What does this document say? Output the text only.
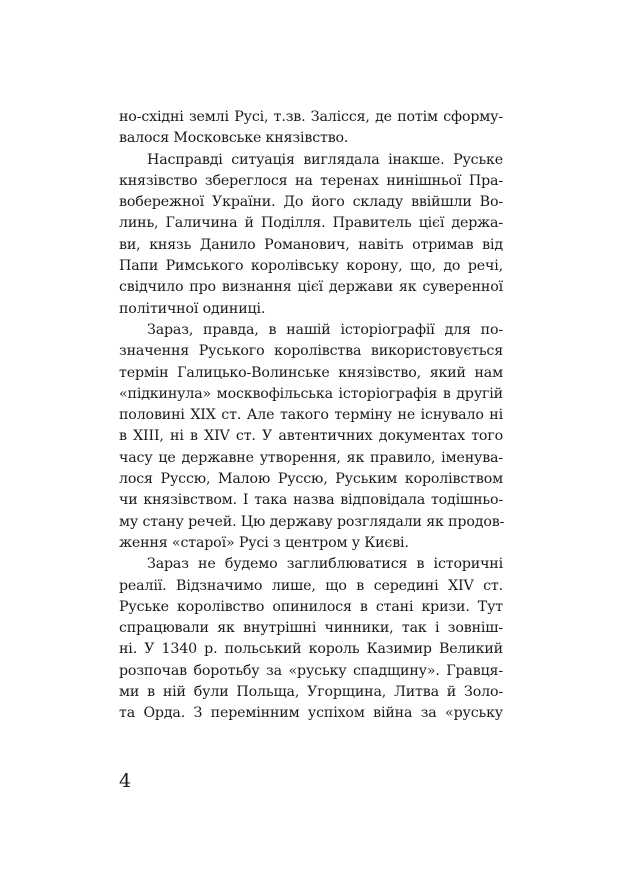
но-східні землі Русі, т.зв. Залісся, де потім сформу-
валося Московське князівство.
Насправді ситуація виглядала інакше. Руське
князівство збереглося на теренах нинішньої Пра-
вобережної України. До його складу ввійшли Во-
линь, Галичина й Поділля. Правитель цієї держа-
ви, князь Данило Романович, навіть отримав від
Папи Римського королівську корону, що, до речі,
свідчило про визнання цієї держави як суверенної
політичної одиниці.
Зараз, правда, в нашій історіографії для по-
значення Руського королівства використовується
термін Галицько-Волинське князівство, який нам
«підкинула» москвофільська історіографія в другій
половині XIX ст. Але такого терміну не існувало ні
в XIII, ні в XIV ст. У автентичних документах того
часу це державне утворення, як правило, іменува-
лося Руссю, Малою Руссю, Руським королівством
чи князівством. І така назва відповідала тодішньо-
му стану речей. Цю державу розглядали як продов-
ження «старої» Русі з центром у Києві.
Зараз не будемо заглиблюватися в історичні
реалії. Відзначимо лише, що в середині XIV ст.
Руське королівство опинилося в стані кризи. Тут
спрацювали як внутрішні чинники, так і зовніш-
ні. У 1340 р. польський король Казимир Великий
розпочав боротьбу за «руську спадщину». Гравця-
ми в ній були Польща, Угорщина, Литва й Золо-
та Орда. З перемінним успіхом війна за «руську
4
